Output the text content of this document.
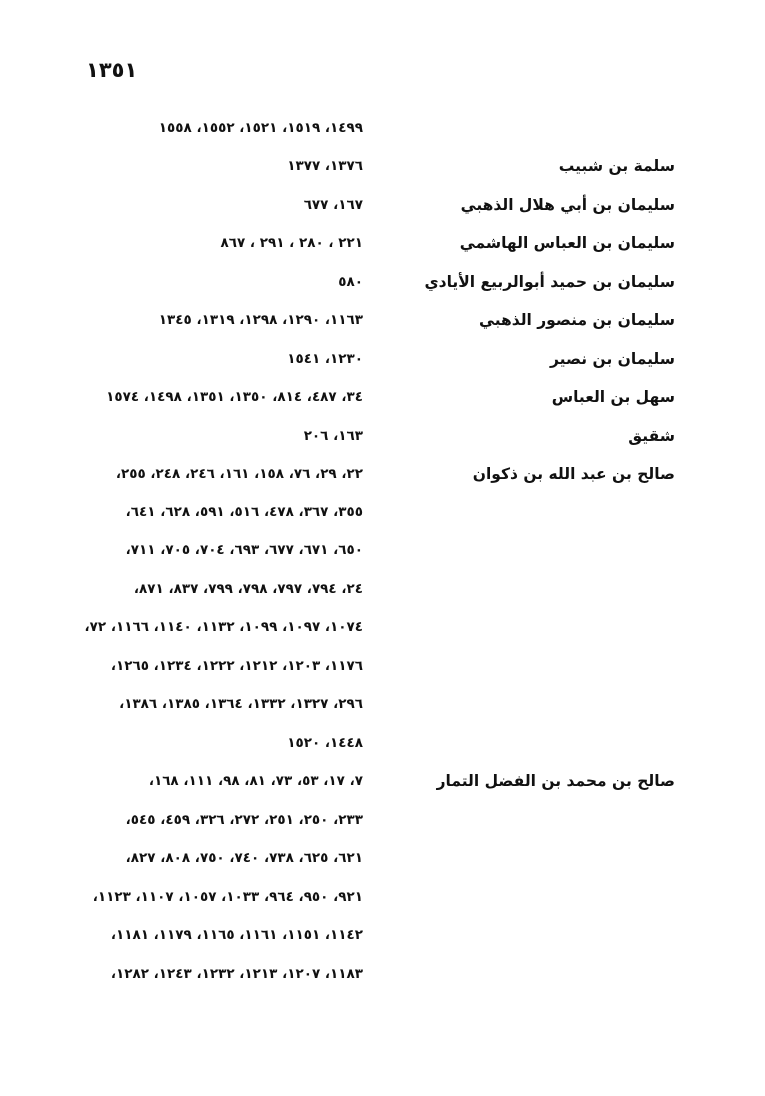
١٣٥١
١٤٩٩، ١٥١٩، ١٥٢١، ١٥٥٢، ١٥٥٨
سلمة بن شبيب
١٣٧٦، ١٣٧٧
سليمان بن أبي هلال الذهبي
١٦٧، ٦٧٧
سليمان بن العباس الهاشمي
٢٢١ ، ٢٨٠ ، ٢٩١ ، ٨٦٧
سليمان بن حميد أبوالربيع الأيادي
٥٨٠
سليمان بن منصور الذهبي
١١٦٣، ١٢٩٠، ١٢٩٨، ١٣١٩، ١٣٤٥
سليمان بن نصير
١٢٣٠، ١٥٤١
سهل بن العباس
٣٤، ٤٨٧، ٨١٤، ١٣٥٠، ١٣٥١، ١٤٩٨، ١٥٧٤
شقيق
١٦٣، ٢٠٦
صالح بن عبد الله بن ذكوان
٢٢، ٢٩، ٧٦، ١٥٨، ١٦١، ٢٤٦، ٢٤٨، ٢٥٥،
٣٥٥، ٣٦٧، ٤٧٨، ٥١٦، ٥٩١، ٦٢٨، ٦٤١،
٦٥٠، ٦٧١، ٦٧٧، ٦٩٣، ٧٠٤، ٧٠٥، ٧١١،
٢٤، ٧٩٤، ٧٩٧، ٧٩٨، ٧٩٩، ٨٣٧، ٨٧١،
١٠٧٤، ١٠٩٧، ١٠٩٩، ١١٣٢، ١١٤٠، ١١٦٦، ٧٢،
١١٧٦، ١٢٠٣، ١٢١٢، ١٢٢٢، ١٢٣٤، ١٢٦٥،
٢٩٦، ١٣٢٧، ١٣٣٢، ١٣٦٤، ١٣٨٥، ١٣٨٦،
١٤٤٨، ١٥٢٠
صالح بن محمد بن الفضل التمار
٧، ١٧، ٥٣، ٧٣، ٨١، ٩٨، ١١١، ١٦٨،
٢٣٣، ٢٥٠، ٢٥١، ٢٧٢، ٣٢٦، ٤٥٩، ٥٤٥،
٦٢١، ٦٢٥، ٧٣٨، ٧٤٠، ٧٥٠، ٨٠٨، ٨٢٧،
٩٢١، ٩٥٠، ٩٦٤، ١٠٣٣، ١٠٥٧، ١١٠٧، ١١٢٣،
١١٤٢، ١١٥١، ١١٦١، ١١٦٥، ١١٧٩، ١١٨١،
١١٨٣، ١٢٠٧، ١٢١٣، ١٢٣٢، ١٢٤٣، ١٢٨٢،
